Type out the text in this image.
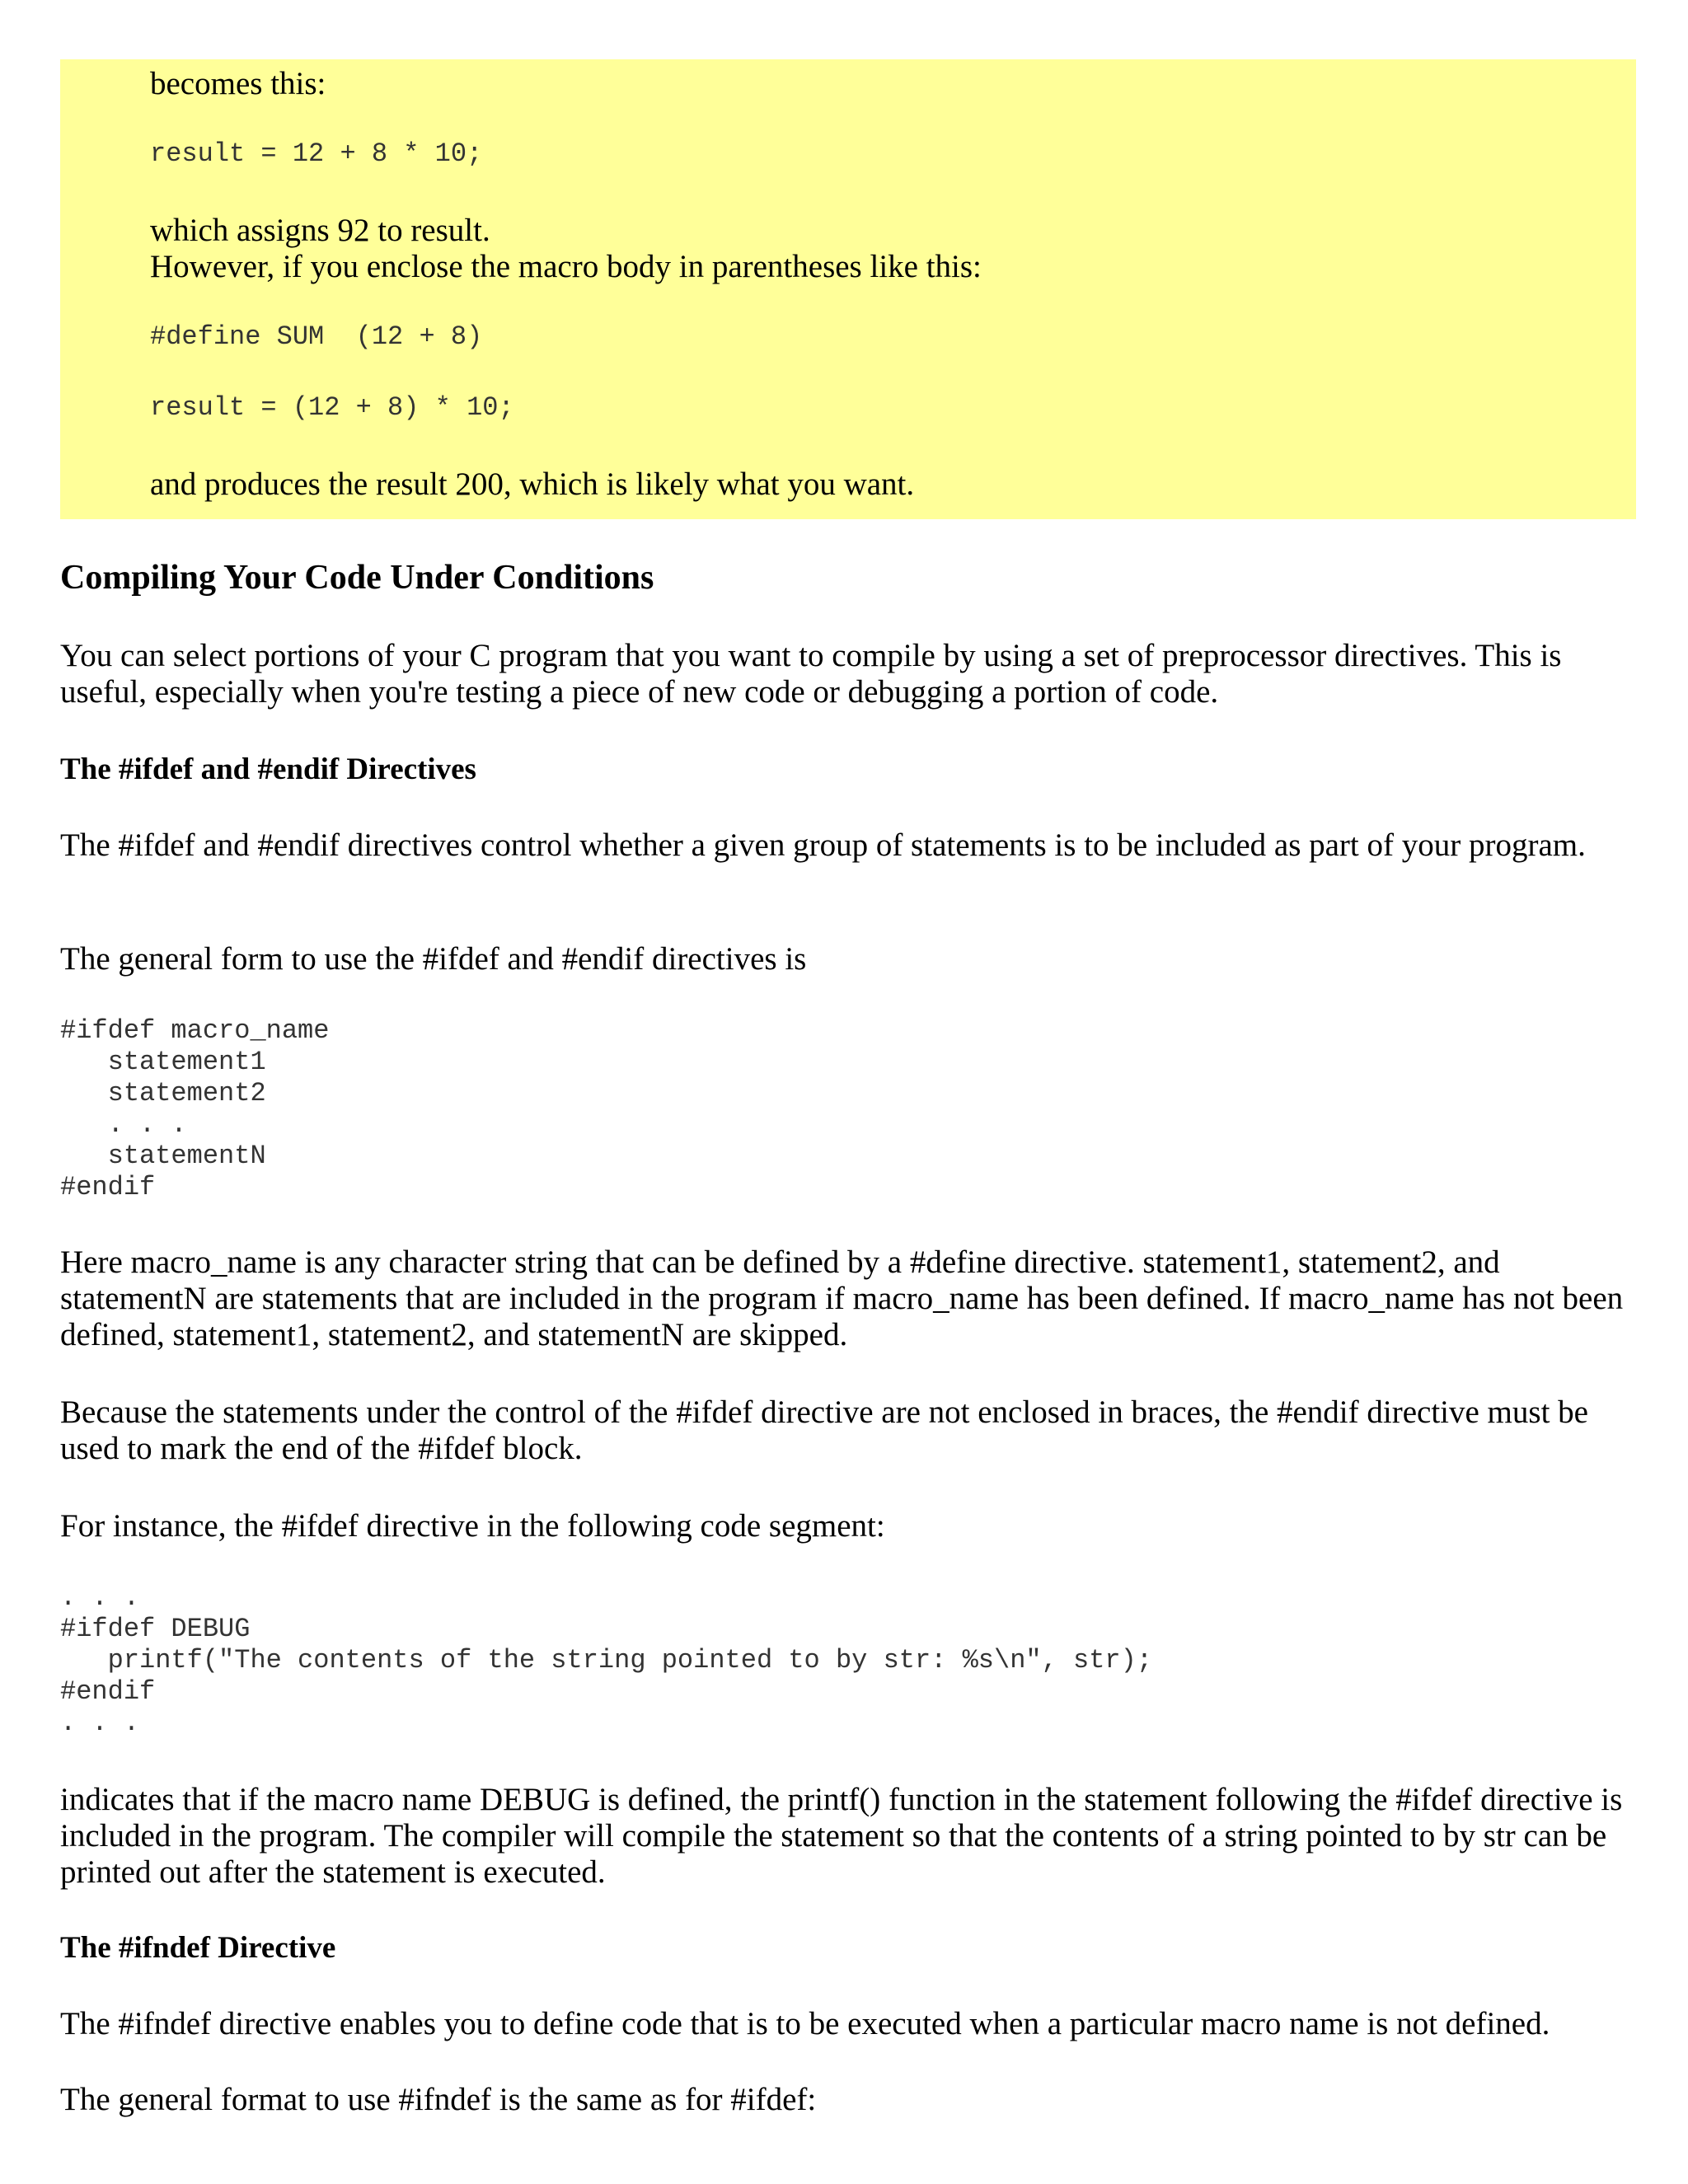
becomes this:
result = 12 + 8 * 10;
which assigns 92 to result.
However, if you enclose the macro body in parentheses like this:
#define SUM  (12 + 8)
result = (12 + 8) * 10;
and produces the result 200, which is likely what you want.
Compiling Your Code Under Conditions
You can select portions of your C program that you want to compile by using a set of preprocessor directives. This is useful, especially when you're testing a piece of new code or debugging a portion of code.
The #ifdef and #endif Directives
The #ifdef and #endif directives control whether a given group of statements is to be included as part of your program.
The general form to use the #ifdef and #endif directives is
#ifdef macro_name
statement1
statement2
. . .
statementN
#endif
Here macro_name is any character string that can be defined by a #define directive. statement1, statement2, and statementN are statements that are included in the program if macro_name has been defined. If macro_name has not been defined, statement1, statement2, and statementN are skipped.
Because the statements under the control of the #ifdef directive are not enclosed in braces, the #endif directive must be used to mark the end of the #ifdef block.
For instance, the #ifdef directive in the following code segment:
. . .
#ifdef DEBUG
printf("The contents of the string pointed to by str: %s\n", str);
#endif
. . .
indicates that if the macro name DEBUG is defined, the printf() function in the statement following the #ifdef directive is included in the program. The compiler will compile the statement so that the contents of a string pointed to by str can be printed out after the statement is executed.
The #ifndef Directive
The #ifndef directive enables you to define code that is to be executed when a particular macro name is not defined.
The general format to use #ifndef is the same as for #ifdef:
